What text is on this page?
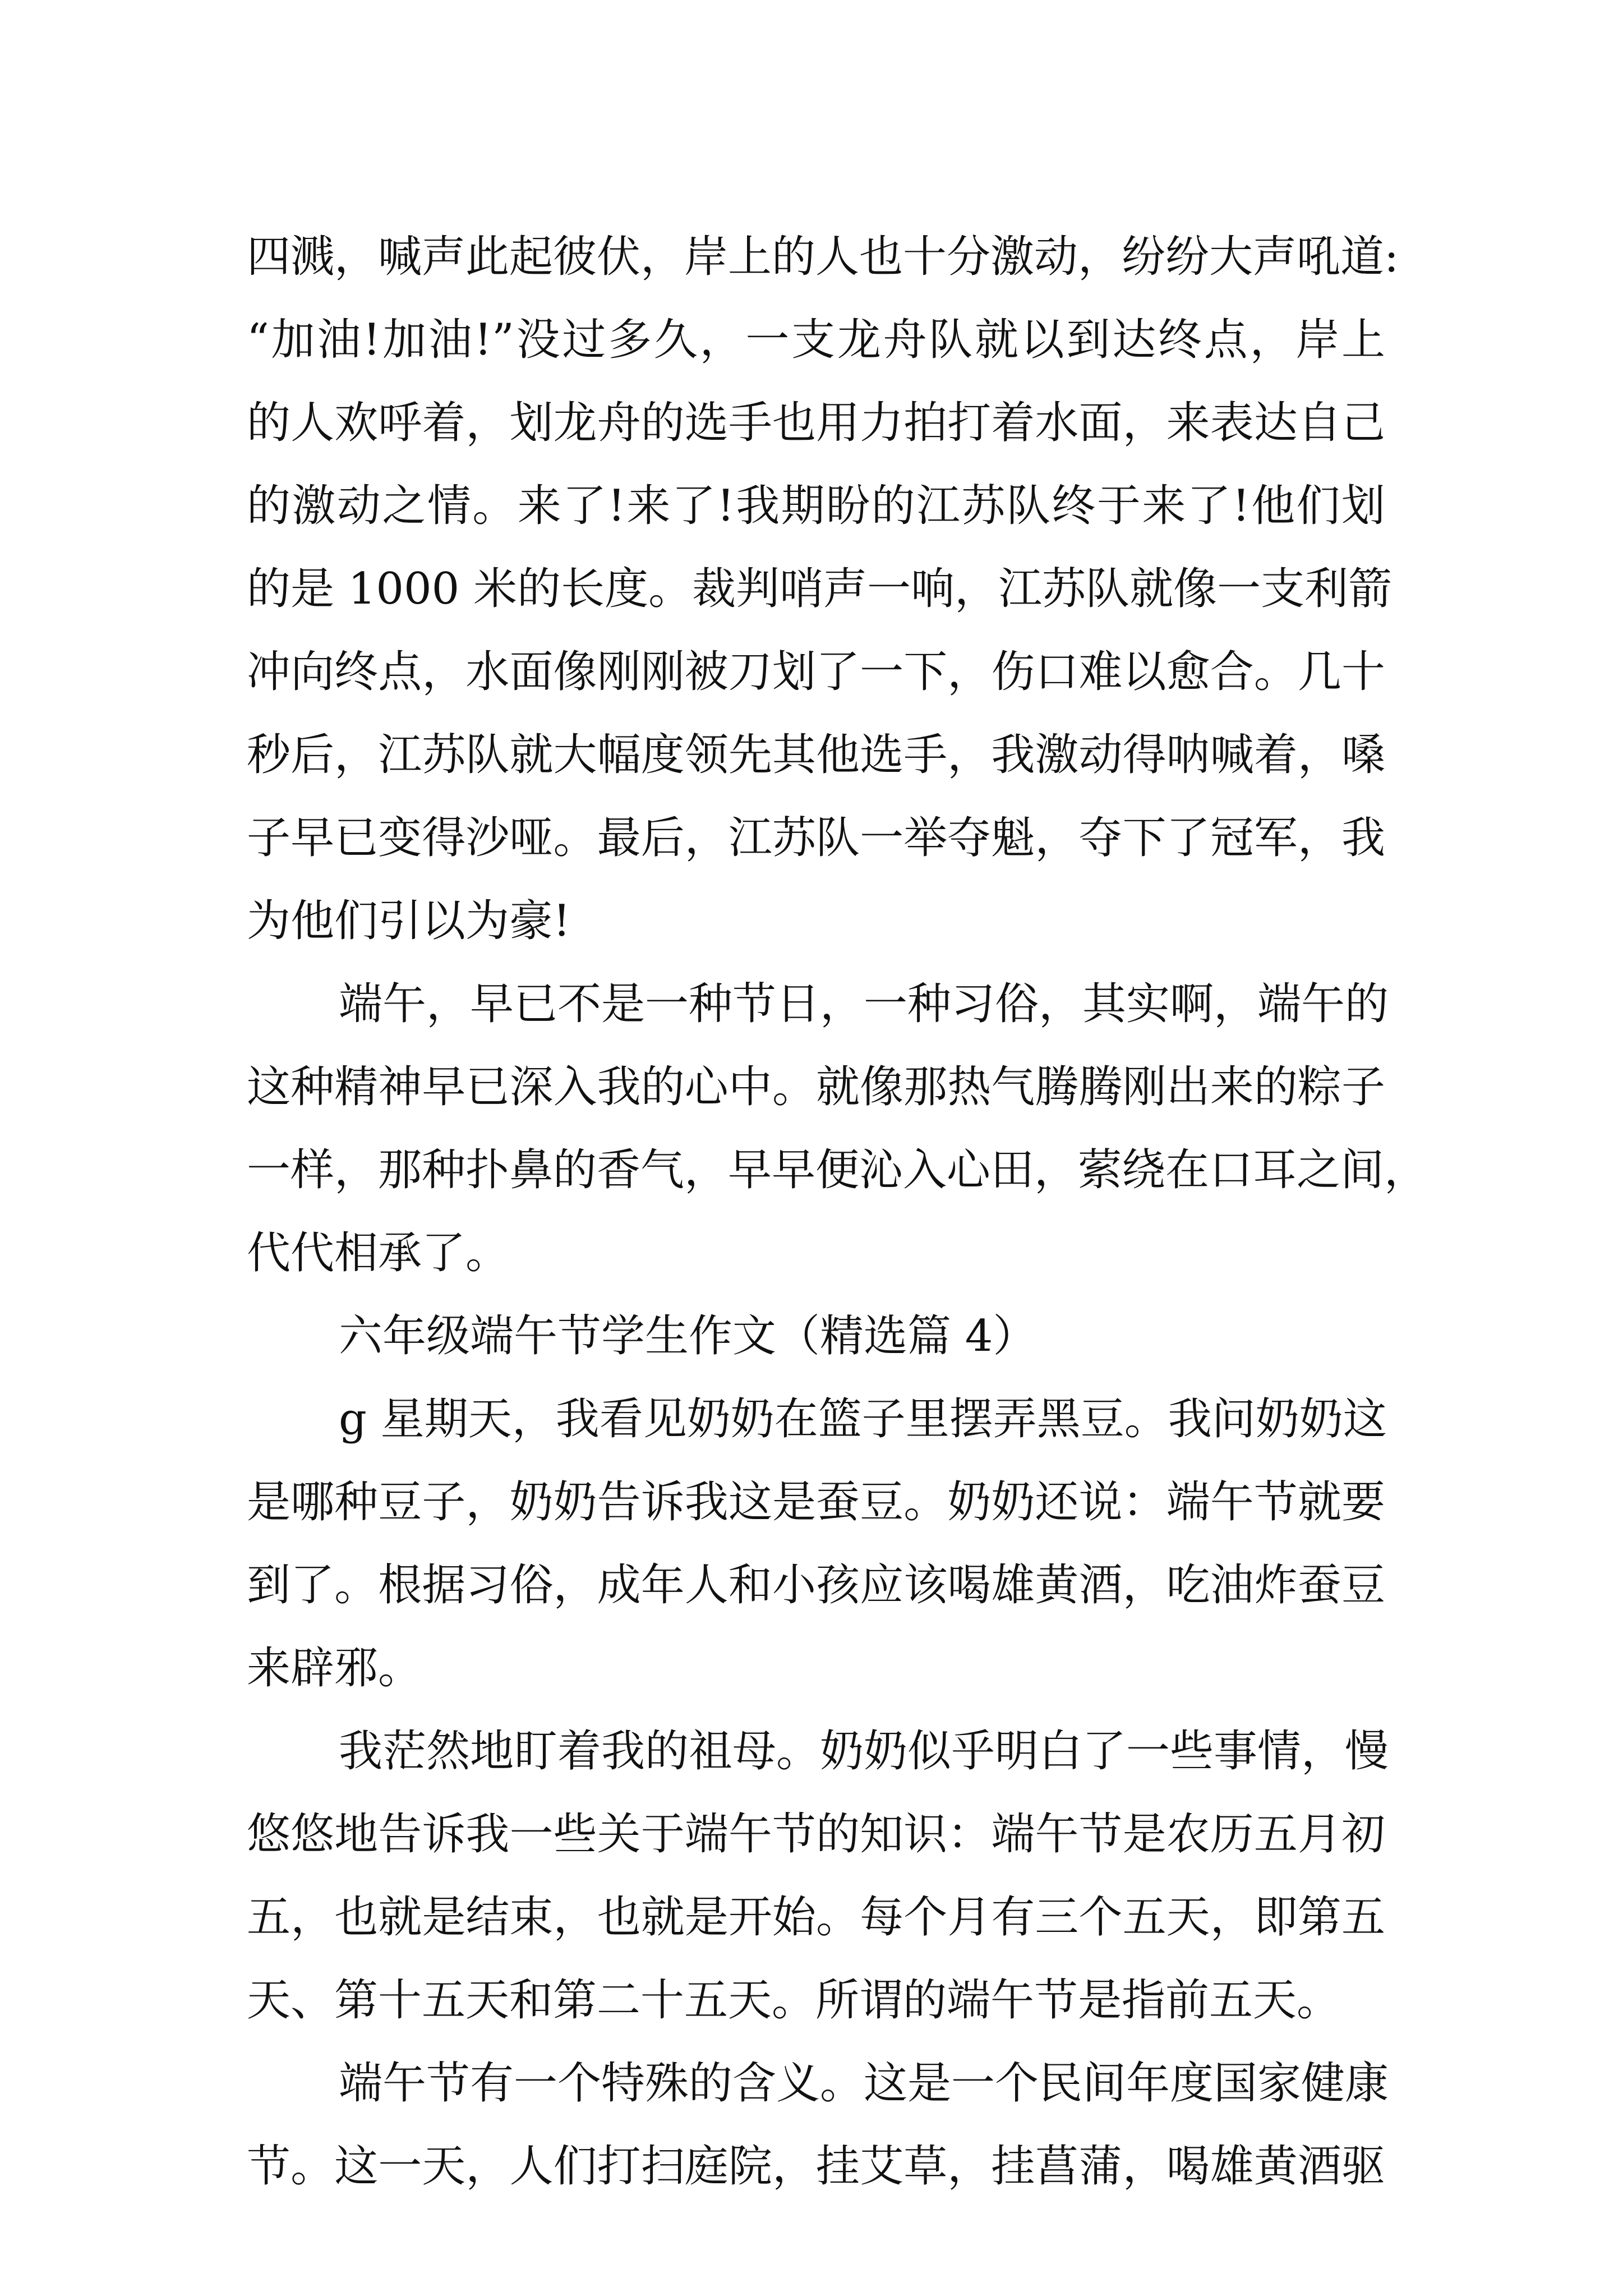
四溅，喊声此起彼伏，岸上的人也十分激动，纷纷大声吼道:
“加油!加油!”没过多久，一支龙舟队就以到达终点，岸上
的人欢呼着，划龙舟的选手也用力拍打着水面，来表达自己
的激动之情。来了!来了!我期盼的江苏队终于来了!他们划
的是 1000 米的长度。裁判哨声一响，江苏队就像一支利箭
冲向终点，水面像刚刚被刀划了一下，伤口难以愈合。几十
秒后，江苏队就大幅度领先其他选手，我激动得呐喊着，嗓
子早已变得沙哑。最后，江苏队一举夺魁，夺下了冠军，我
为他们引以为豪!
端午，早已不是一种节日，一种习俗，其实啊，端午的
这种精神早已深入我的心中。就像那热气腾腾刚出来的粽子
一样，那种扑鼻的香气，早早便沁入心田，萦绕在口耳之间，
代代相承了。
六年级端午节学生作文（精选篇 4）
g 星期天，我看见奶奶在篮子里摆弄黑豆。我问奶奶这
是哪种豆子，奶奶告诉我这是蚕豆。奶奶还说：端午节就要
到了。根据习俗，成年人和小孩应该喝雄黄酒，吃油炸蚕豆
来辟邪。
我茫然地盯着我的祖母。奶奶似乎明白了一些事情，慢
悠悠地告诉我一些关于端午节的知识：端午节是农历五月初
五，也就是结束，也就是开始。每个月有三个五天，即第五
天、第十五天和第二十五天。所谓的端午节是指前五天。
端午节有一个特殊的含义。这是一个民间年度国家健康
节。这一天，人们打扫庭院，挂艾草，挂菖蒲，喝雄黄酒驱
